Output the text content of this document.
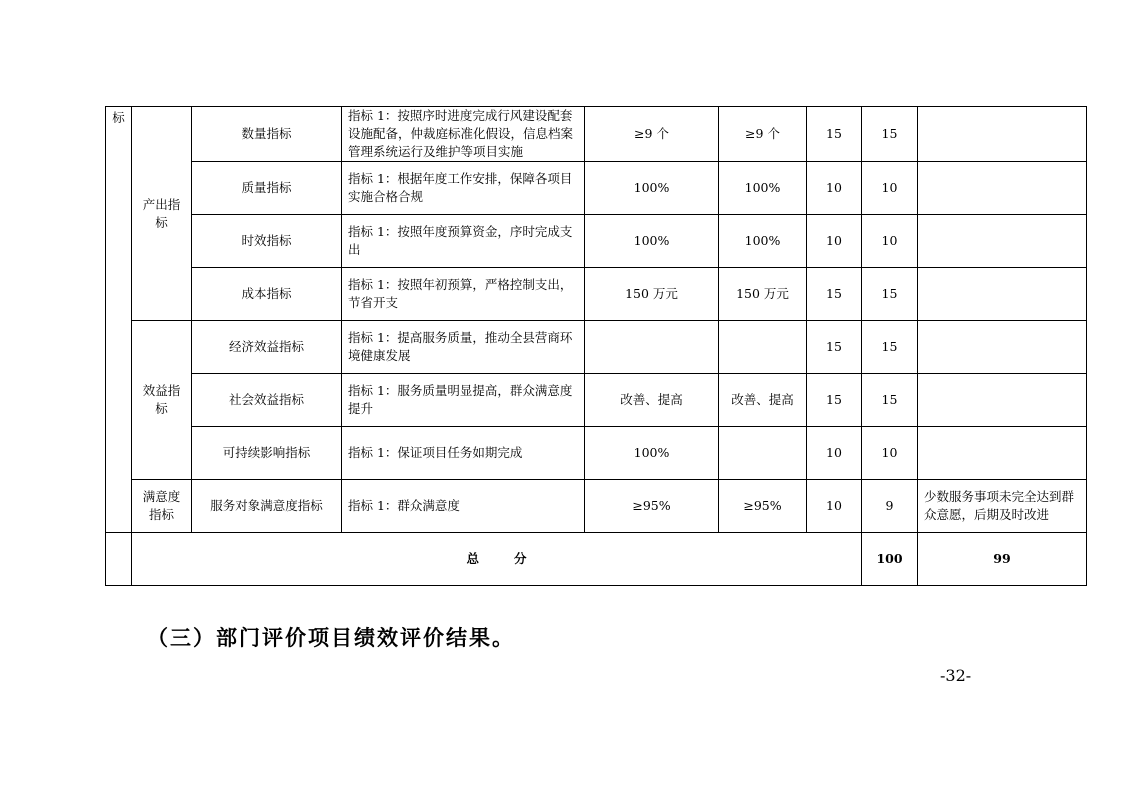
标	产出指标	数量指标	指标 1：按照序时进度完成行风建设配套设施配备，仲裁庭标准化假设，信息档案管理系统运行及维护等项目实施	≥9 个	≥9 个	15	15		
		质量指标	指标 1：根据年度工作安排，保障各项目实施合格合规	100%	100%	10	10		
		时效指标	指标 1：按照年度预算资金，序时完成支出	100%	100%	10	10		
		成本指标	指标 1：按照年初预算，严格控制支出，节省开支	150 万元	150 万元	15	15		
	效益指标	经济效益指标	指标 1：提高服务质量，推动全县营商环境健康发展			15	15		
		社会效益指标	指标 1：服务质量明显提高，群众满意度提升	改善、提高	改善、提高	15	15		
		可持续影响指标	指标 1：保证项目任务如期完成	100%		10	10		
	满意度指标	服务对象满意度指标	指标 1：群众满意度	≥95%	≥95%	10	9	少数服务事项未完全达到群众意愿，后期及时改进	
	总分						100	99	
（三）部门评价项目绩效评价结果。
-32-
